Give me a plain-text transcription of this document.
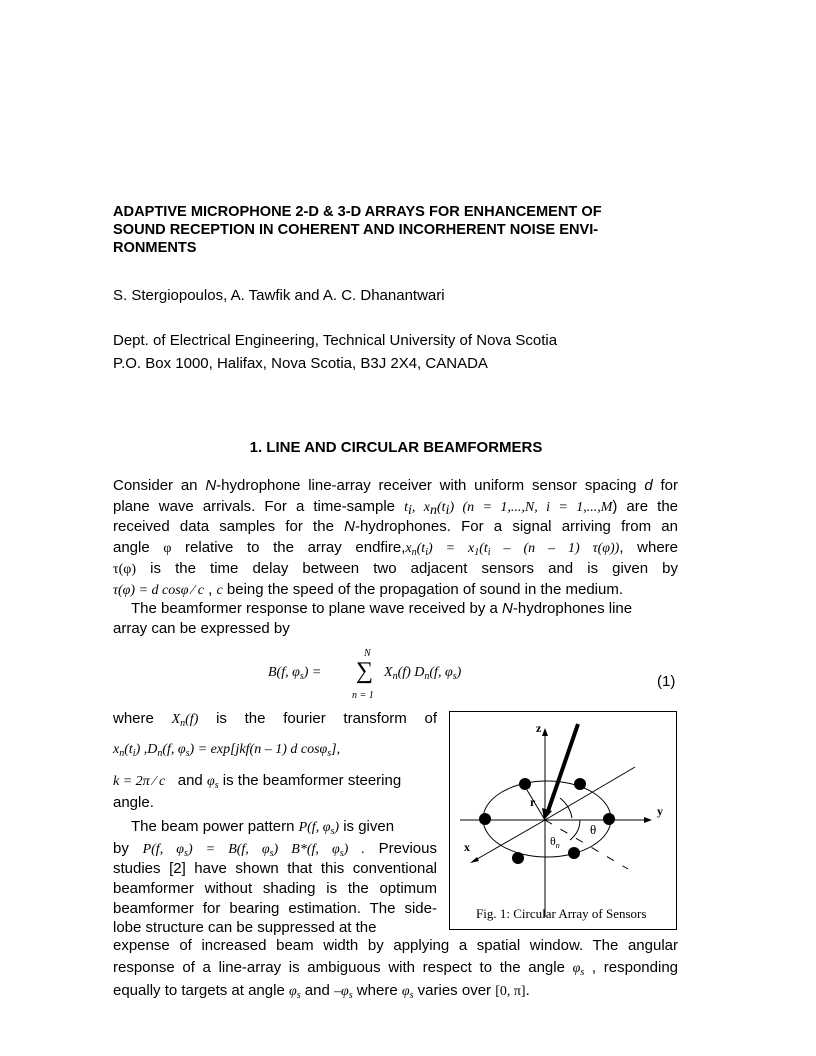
ADAPTIVE MICROPHONE 2-D & 3-D ARRAYS FOR ENHANCEMENT OF
SOUND RECEPTION IN COHERENT AND INCORHERENT NOISE ENVI-
RONMENTS
S. Stergiopoulos, A. Tawfik and A. C. Dhanantwari
Dept. of Electrical Engineering, Technical University of Nova Scotia
P.O. Box 1000, Halifax, Nova Scotia, B3J 2X4, CANADA
1. LINE AND CIRCULAR BEAMFORMERS
Consider an N-hydrophone line-array receiver with uniform sensor spacing d for
plane wave arrivals. For a time-sample $t_i$, $x_n(t_i) (n = 1,...,N$, i = 1,...,M) are the
received data samples for the N-hydrophones. For a signal arriving from an
angle φ relative to the array $endfire,x_n(t_i) = x_1(t_i - (n - 1)$ τ(φ)), where
τ(φ) is the time delay between two adjacent sensors and is given by
τ(φ) = d cosφ ⁄ c , c being the speed of the propagation of sound in the medium.
The beamformer response to plane wave received by a N-hydrophones line
array can be expressed by
B(f, $\varphi_s$) =
N
∑
n = 1
$X_n(f)$ $D_n(f$, $\varphi_s$)
(1)
where $X_n(f)$ is the fourier transform of
$x_n(t_i)$ $,D_n(f$, $\varphi_s) = \exp[jkf(n - 1)$ d cosφ$_s$],
k = 2π ⁄ c and $\varphi_s$ is the beamformer steering
angle.
The beam power pattern P(f, $\varphi_s$) is given
by P(f, $\varphi_s) = B(f$, $\varphi_s$) B*(f, $\varphi_s$) . Previous
studies [2] have shown that this conventional
beamformer without shading is the optimum
beamformer for bearing estimation. The side-
lobe structure can be suppressed at the
expense of increased beam width by applying a spatial window. The angular
response of a line-array is ambiguous with respect to the angle $\varphi_s$ , responding
equally to targets at angle $\varphi_s$ and $-\varphi_s$ where $\varphi_s$ varies over [0, π].
z
y
x
r
θ
$\theta_n$
Fig. 1: Circular Array of Sensors
